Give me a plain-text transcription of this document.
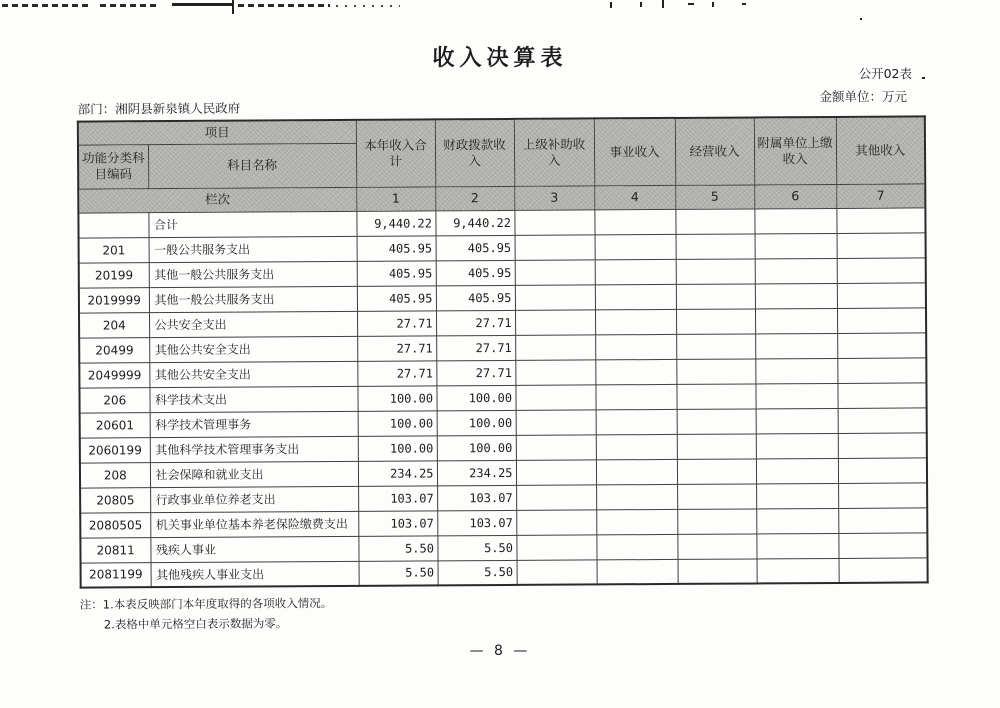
收入决算表
公开02表
金额单位：万元
部门：湘阴县新泉镇人民政府
项目		本年收入合计	财政拨款收入	上级补助收入	事业收入	经营收入	附属单位上缴收入	其他收入
功能分类科目编码	科目名称							
栏次		1	2	3	4	5	6	7
	合计	9,440.22	9,440.22					
201	一般公共服务支出	405.95	405.95					
20199	其他一般公共服务支出	405.95	405.95					
2019999	其他一般公共服务支出	405.95	405.95					
204	公共安全支出	27.71	27.71					
20499	其他公共安全支出	27.71	27.71					
2049999	其他公共安全支出	27.71	27.71					
206	科学技术支出	100.00	100.00					
20601	科学技术管理事务	100.00	100.00					
2060199	其他科学技术管理事务支出	100.00	100.00					
208	社会保障和就业支出	234.25	234.25					
20805	行政事业单位养老支出	103.07	103.07					
2080505	机关事业单位基本养老保险缴费支出	103.07	103.07					
20811	残疾人事业	5.50	5.50					
2081199	其他残疾人事业支出	5.50	5.50					
注：1.本表反映部门本年度取得的各项收入情况。
2.表格中单元格空白表示数据为零。
— 8 —
